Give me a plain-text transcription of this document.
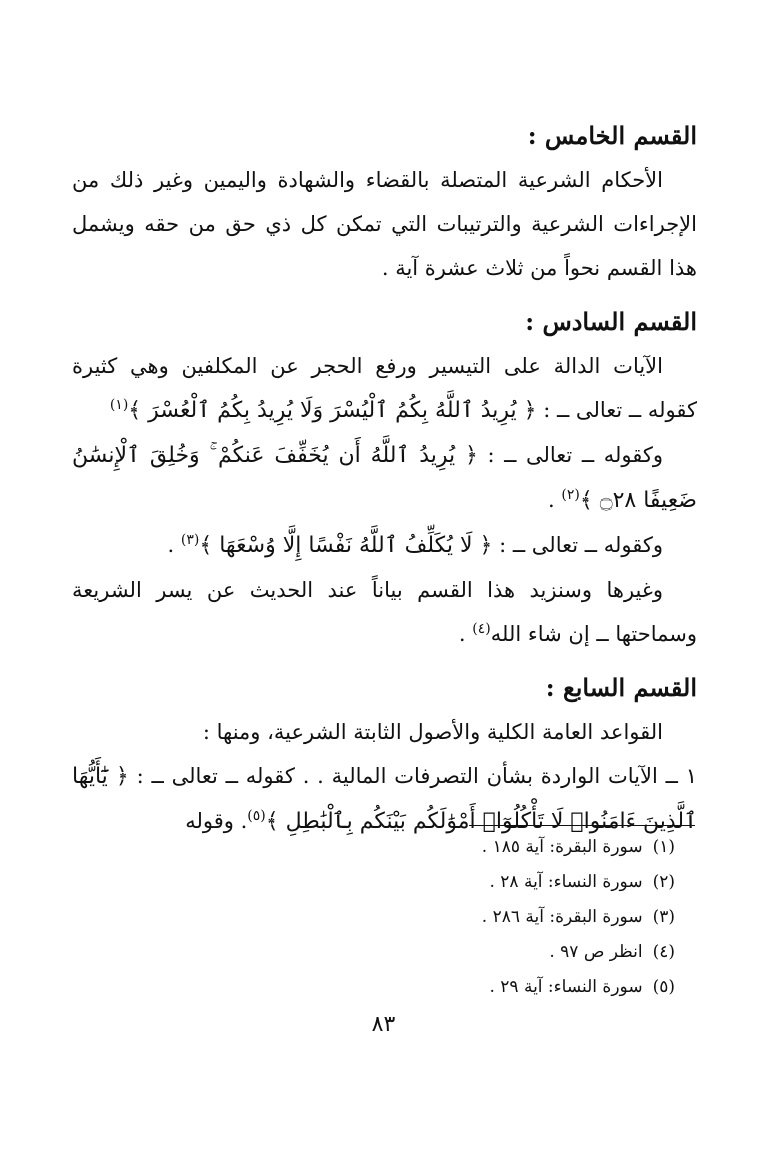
القسم الخامس :

الأحكام الشرعية المتصلة بالقضاء والشهادة واليمين وغير ذلك من الإجراءات الشرعية والترتيبات التي تمكن كل ذي حق من حقه ويشمل هذا القسم نحواً من ثلاث عشرة آية .

القسم السادس :

الآيات الدالة على التيسير ورفع الحجر عن المكلفين وهي كثيرة كقوله ــ تعالى ــ : ﴿ يُرِيدُ ٱللَّهُ بِكُمُ ٱلْيُسْرَ وَلَا يُرِيدُ بِكُمُ ٱلْعُسْرَ ﴾$^{(١)}$

وكقوله ــ تعالى ــ : ﴿ يُرِيدُ ٱللَّهُ أَن يُخَفِّفَ عَنكُمْ ۚ وَخُلِقَ ٱلْإِنسَٰنُ ضَعِيفًا ۝٢٨ ﴾$^{(٢)}$ .

وكقوله ــ تعالى ــ : ﴿ لَا يُكَلِّفُ ٱللَّهُ نَفْسًا إِلَّا وُسْعَهَا ﴾$^{(٣)}$ .

وغيرها وسنزيد هذا القسم بياناً عند الحديث عن يسر الشريعة وسماحتها ــ إن شاء الله$^{(٤)}$ .

القسم السابع :

القواعد العامة الكلية والأصول الثابتة الشرعية، ومنها :

١ ــ الآيات الواردة بشأن التصرفات المالية . . كقوله ــ تعالى ــ : ﴿ يَٰٓأَيُّهَا ٱلَّذِينَ ءَامَنُوا۟ لَا تَأْكُلُوٓا۟ أَمْوَٰلَكُم بَيْنَكُم بِٱلْبَٰطِلِ ﴾$^{(٥)}$. وقوله

(١)سورة البقرة: آية ١٨٥ .
(٢)سورة النساء: آية ٢٨ .
(٣)سورة البقرة: آية ٢٨٦ .
(٤)انظر ص ٩٧ .
(٥)سورة النساء: آية ٢٩ .
٨٣
